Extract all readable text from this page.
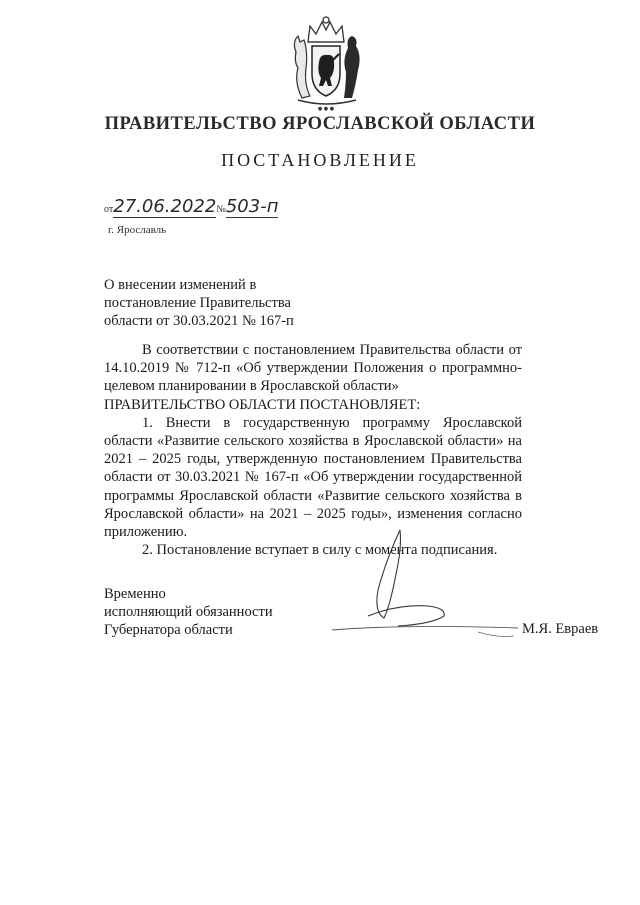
● ● ●
ПРАВИТЕЛЬСТВО ЯРОСЛАВСКОЙ ОБЛАСТИ
ПОСТАНОВЛЕНИЕ
от27.06.2022№503-п
г. Ярославль
О внесении изменений в
постановление Правительства
области от 30.03.2021 № 167-п

В соответствии с постановлением Правительства области от 14.10.2019 № 712-п «Об утверждении Положения о программно-целевом планировании в Ярославской области»

ПРАВИТЕЛЬСТВО ОБЛАСТИ ПОСТАНОВЛЯЕТ:

1. Внести в государственную программу Ярославской области «Развитие сельского хозяйства в Ярославской области» на 2021 – 2025 годы, утвержденную постановлением Правительства области от 30.03.2021 № 167-п «Об утверждении государственной программы Ярославской области «Развитие сельского хозяйства в Ярославской области» на 2021 – 2025 годы», изменения согласно приложению.

2. Постановление вступает в силу с момента подписания.

Временно
исполняющий обязанности
Губернатора области	М.Я. Евраев
